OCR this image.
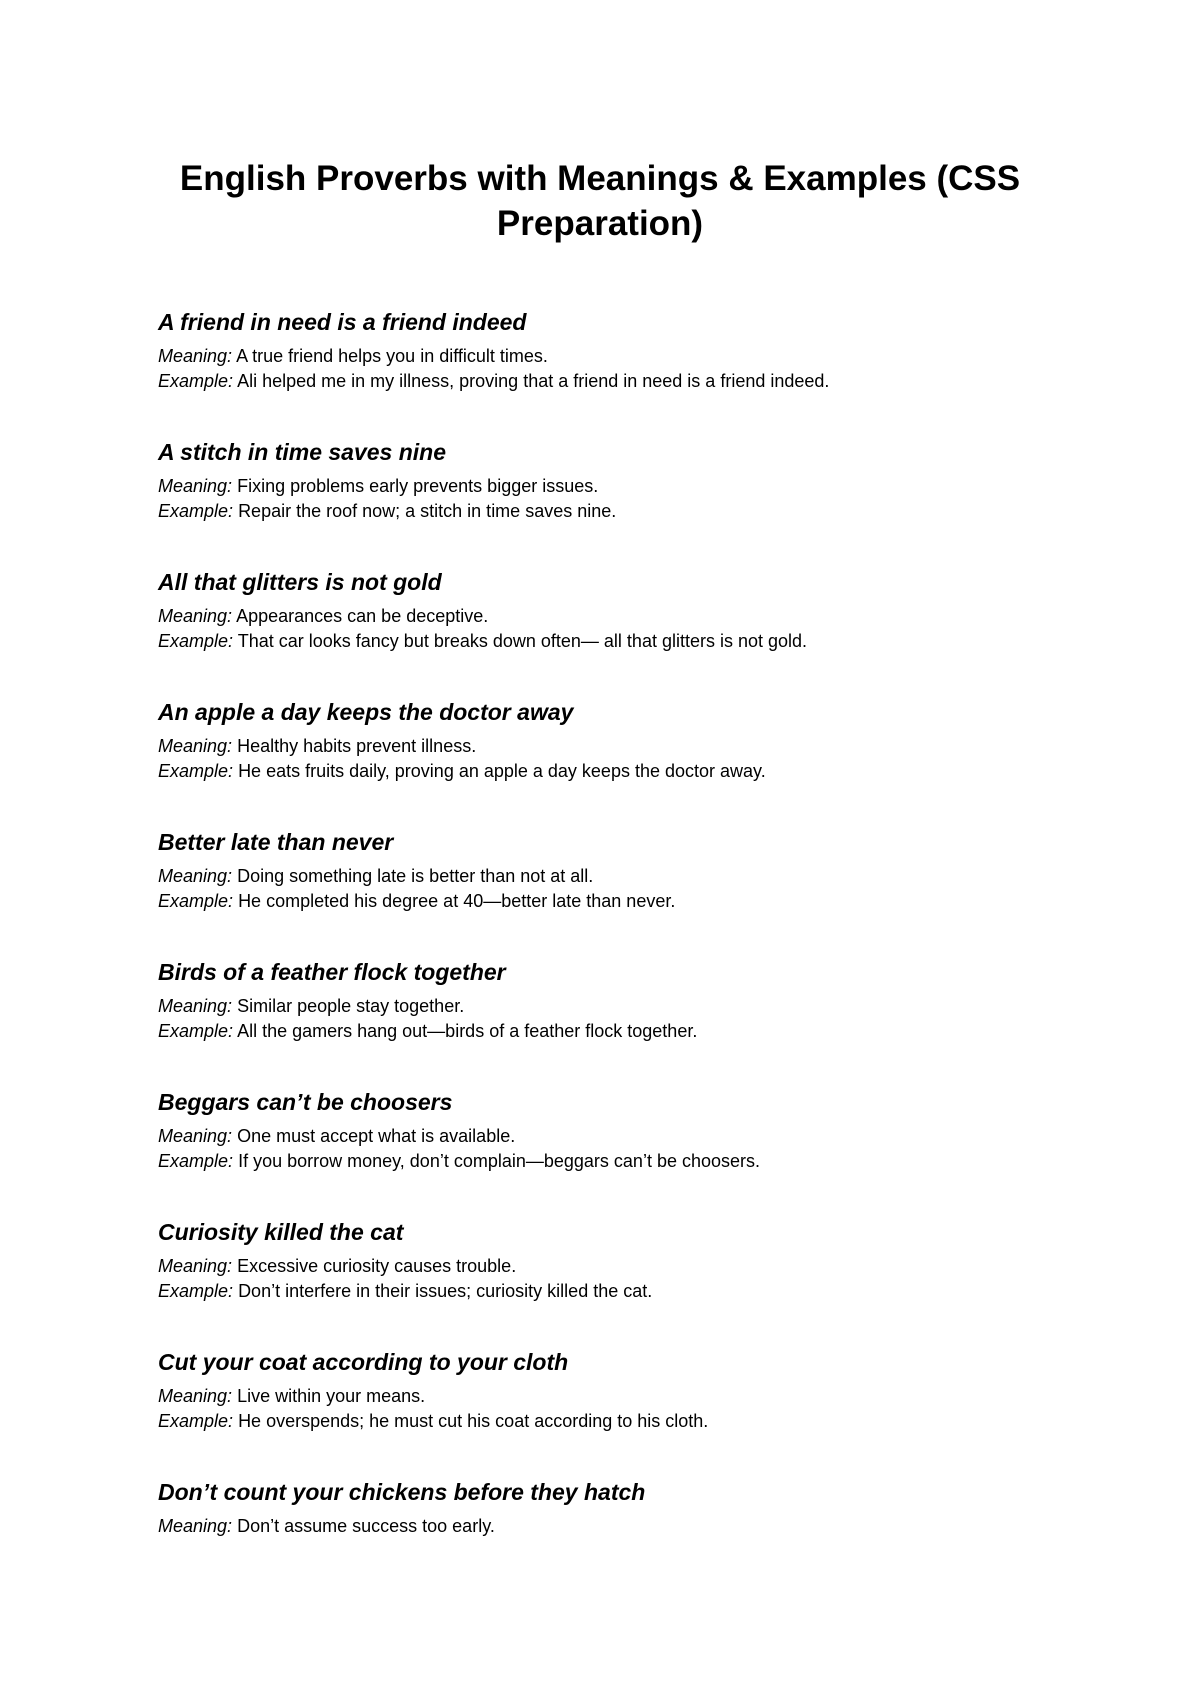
English Proverbs with Meanings & Examples (CSS Preparation)

A friend in need is a friend indeed

Meaning: A true friend helps you in difficult times.

Example: Ali helped me in my illness, proving that a friend in need is a friend indeed.

A stitch in time saves nine

Meaning: Fixing problems early prevents bigger issues.

Example: Repair the roof now; a stitch in time saves nine.

All that glitters is not gold

Meaning: Appearances can be deceptive.

Example: That car looks fancy but breaks down often— all that glitters is not gold.

An apple a day keeps the doctor away

Meaning: Healthy habits prevent illness.

Example: He eats fruits daily, proving an apple a day keeps the doctor away.

Better late than never

Meaning: Doing something late is better than not at all.

Example: He completed his degree at 40—better late than never.

Birds of a feather flock together

Meaning: Similar people stay together.

Example: All the gamers hang out—birds of a feather flock together.

Beggars can’t be choosers

Meaning: One must accept what is available.

Example: If you borrow money, don’t complain—beggars can’t be choosers.

Curiosity killed the cat

Meaning: Excessive curiosity causes trouble.

Example: Don’t interfere in their issues; curiosity killed the cat.

Cut your coat according to your cloth

Meaning: Live within your means.

Example: He overspends; he must cut his coat according to his cloth.

Don’t count your chickens before they hatch

Meaning: Don’t assume success too early.
